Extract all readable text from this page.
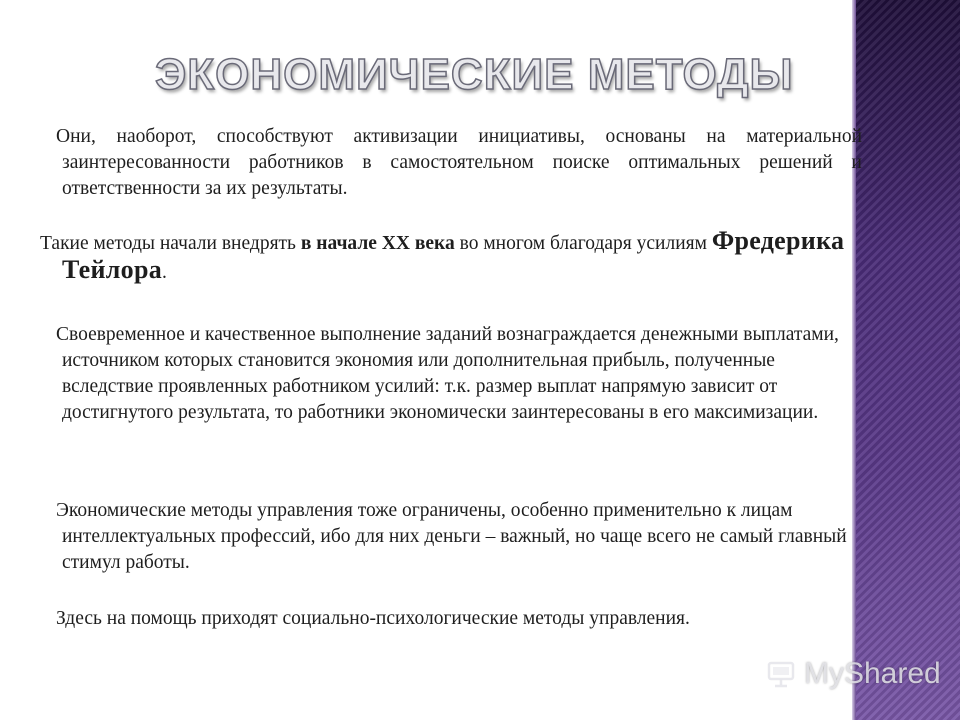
ЭКОНОМИЧЕСКИЕ МЕТОДЫ

Они, наоборот, способствуют активизации инициативы, основаны на материальной заинтересованности работников в самостоятельном поиске оптимальных решений и ответственности за их результаты.

Такие методы начали внедрять в начале XX века во многом благодаря усилиям Фредерика Тейлора.

Своевременное и качественное выполнение заданий вознаграждается денежными выплатами, источником которых становится экономия или дополнительная прибыль, полученные вследствие проявленных работником усилий: т.к. размер выплат напрямую зависит от достигнутого результата, то работники экономически заинтересованы в его максимизации.

Экономические методы управления тоже ограничены, особенно применительно к лицам интеллектуальных профессий, ибо для них деньги – важный, но чаще всего не самый главный стимул работы.

Здесь на помощь приходят социально-психологические методы управления.

MyShared
